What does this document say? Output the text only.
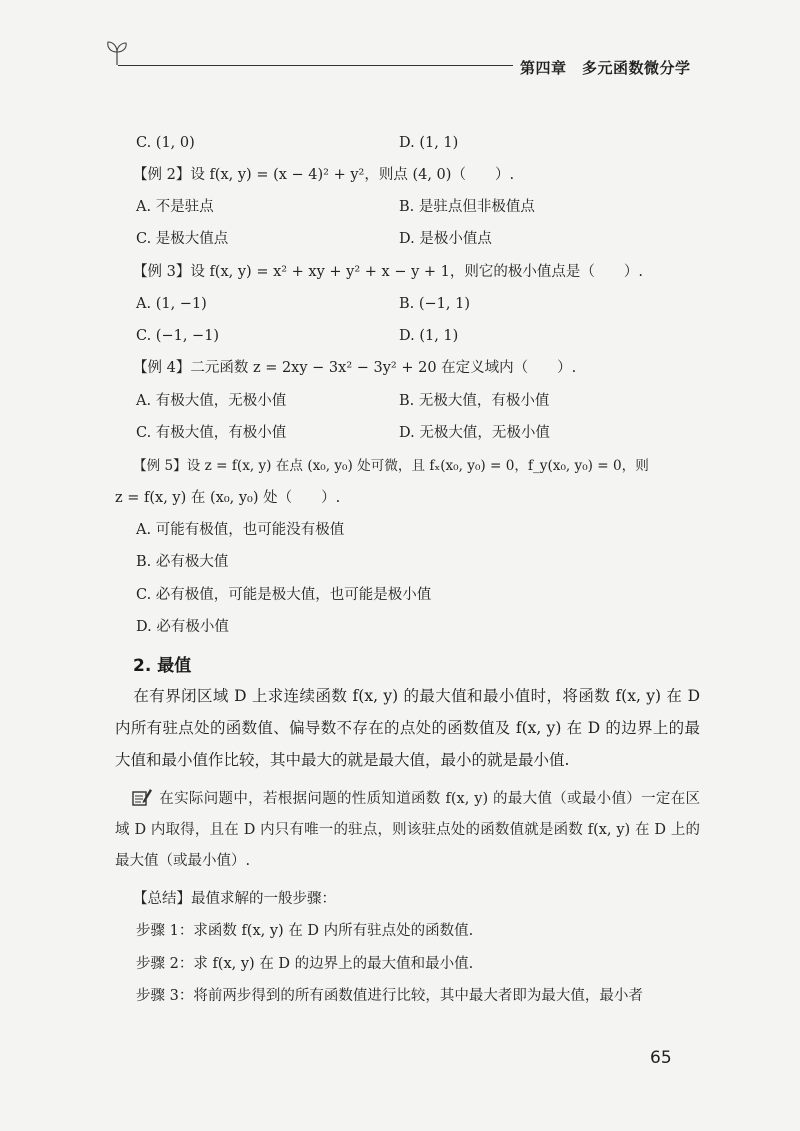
第四章　多元函数微分学
C. (1, 0)	D. (1, 1)
【例 2】设 f(x, y) = (x − 4)² + y²，则点 (4, 0)（　　）.
A. 不是驻点	B. 是驻点但非极值点
C. 是极大值点	D. 是极小值点
【例 3】设 f(x, y) = x² + xy + y² + x − y + 1，则它的极小值点是（　　）.
A. (1, −1)	B. (−1, 1)
C. (−1, −1)	D. (1, 1)
【例 4】二元函数 z = 2xy − 3x² − 3y² + 20 在定义域内（　　）.
A. 有极大值，无极小值	B. 无极大值，有极小值
C. 有极大值，有极小值	D. 无极大值，无极小值
【例 5】设 z = f(x, y) 在点 (x₀, y₀) 处可微，且 fₓ(x₀, y₀) = 0，f_y(x₀, y₀) = 0，则
z = f(x, y) 在 (x₀, y₀) 处（　　）.
A. 可能有极值，也可能没有极值
B. 必有极大值
C. 必有极值，可能是极大值，也可能是极小值
D. 必有极小值
2. 最值
在有界闭区域 D 上求连续函数 f(x, y) 的最大值和最小值时，将函数 f(x, y) 在 D 内所有驻点处的函数值、偏导数不存在的点处的函数值及 f(x, y) 在 D 的边界上的最大值和最小值作比较，其中最大的就是最大值，最小的就是最小值.
在实际问题中，若根据问题的性质知道函数 f(x, y) 的最大值（或最小值）一定在区域 D 内取得，且在 D 内只有唯一的驻点，则该驻点处的函数值就是函数 f(x, y) 在 D 上的最大值（或最小值）.
【总结】最值求解的一般步骤：
步骤 1：求函数 f(x, y) 在 D 内所有驻点处的函数值.
步骤 2：求 f(x, y) 在 D 的边界上的最大值和最小值.
步骤 3：将前两步得到的所有函数值进行比较，其中最大者即为最大值，最小者
65
